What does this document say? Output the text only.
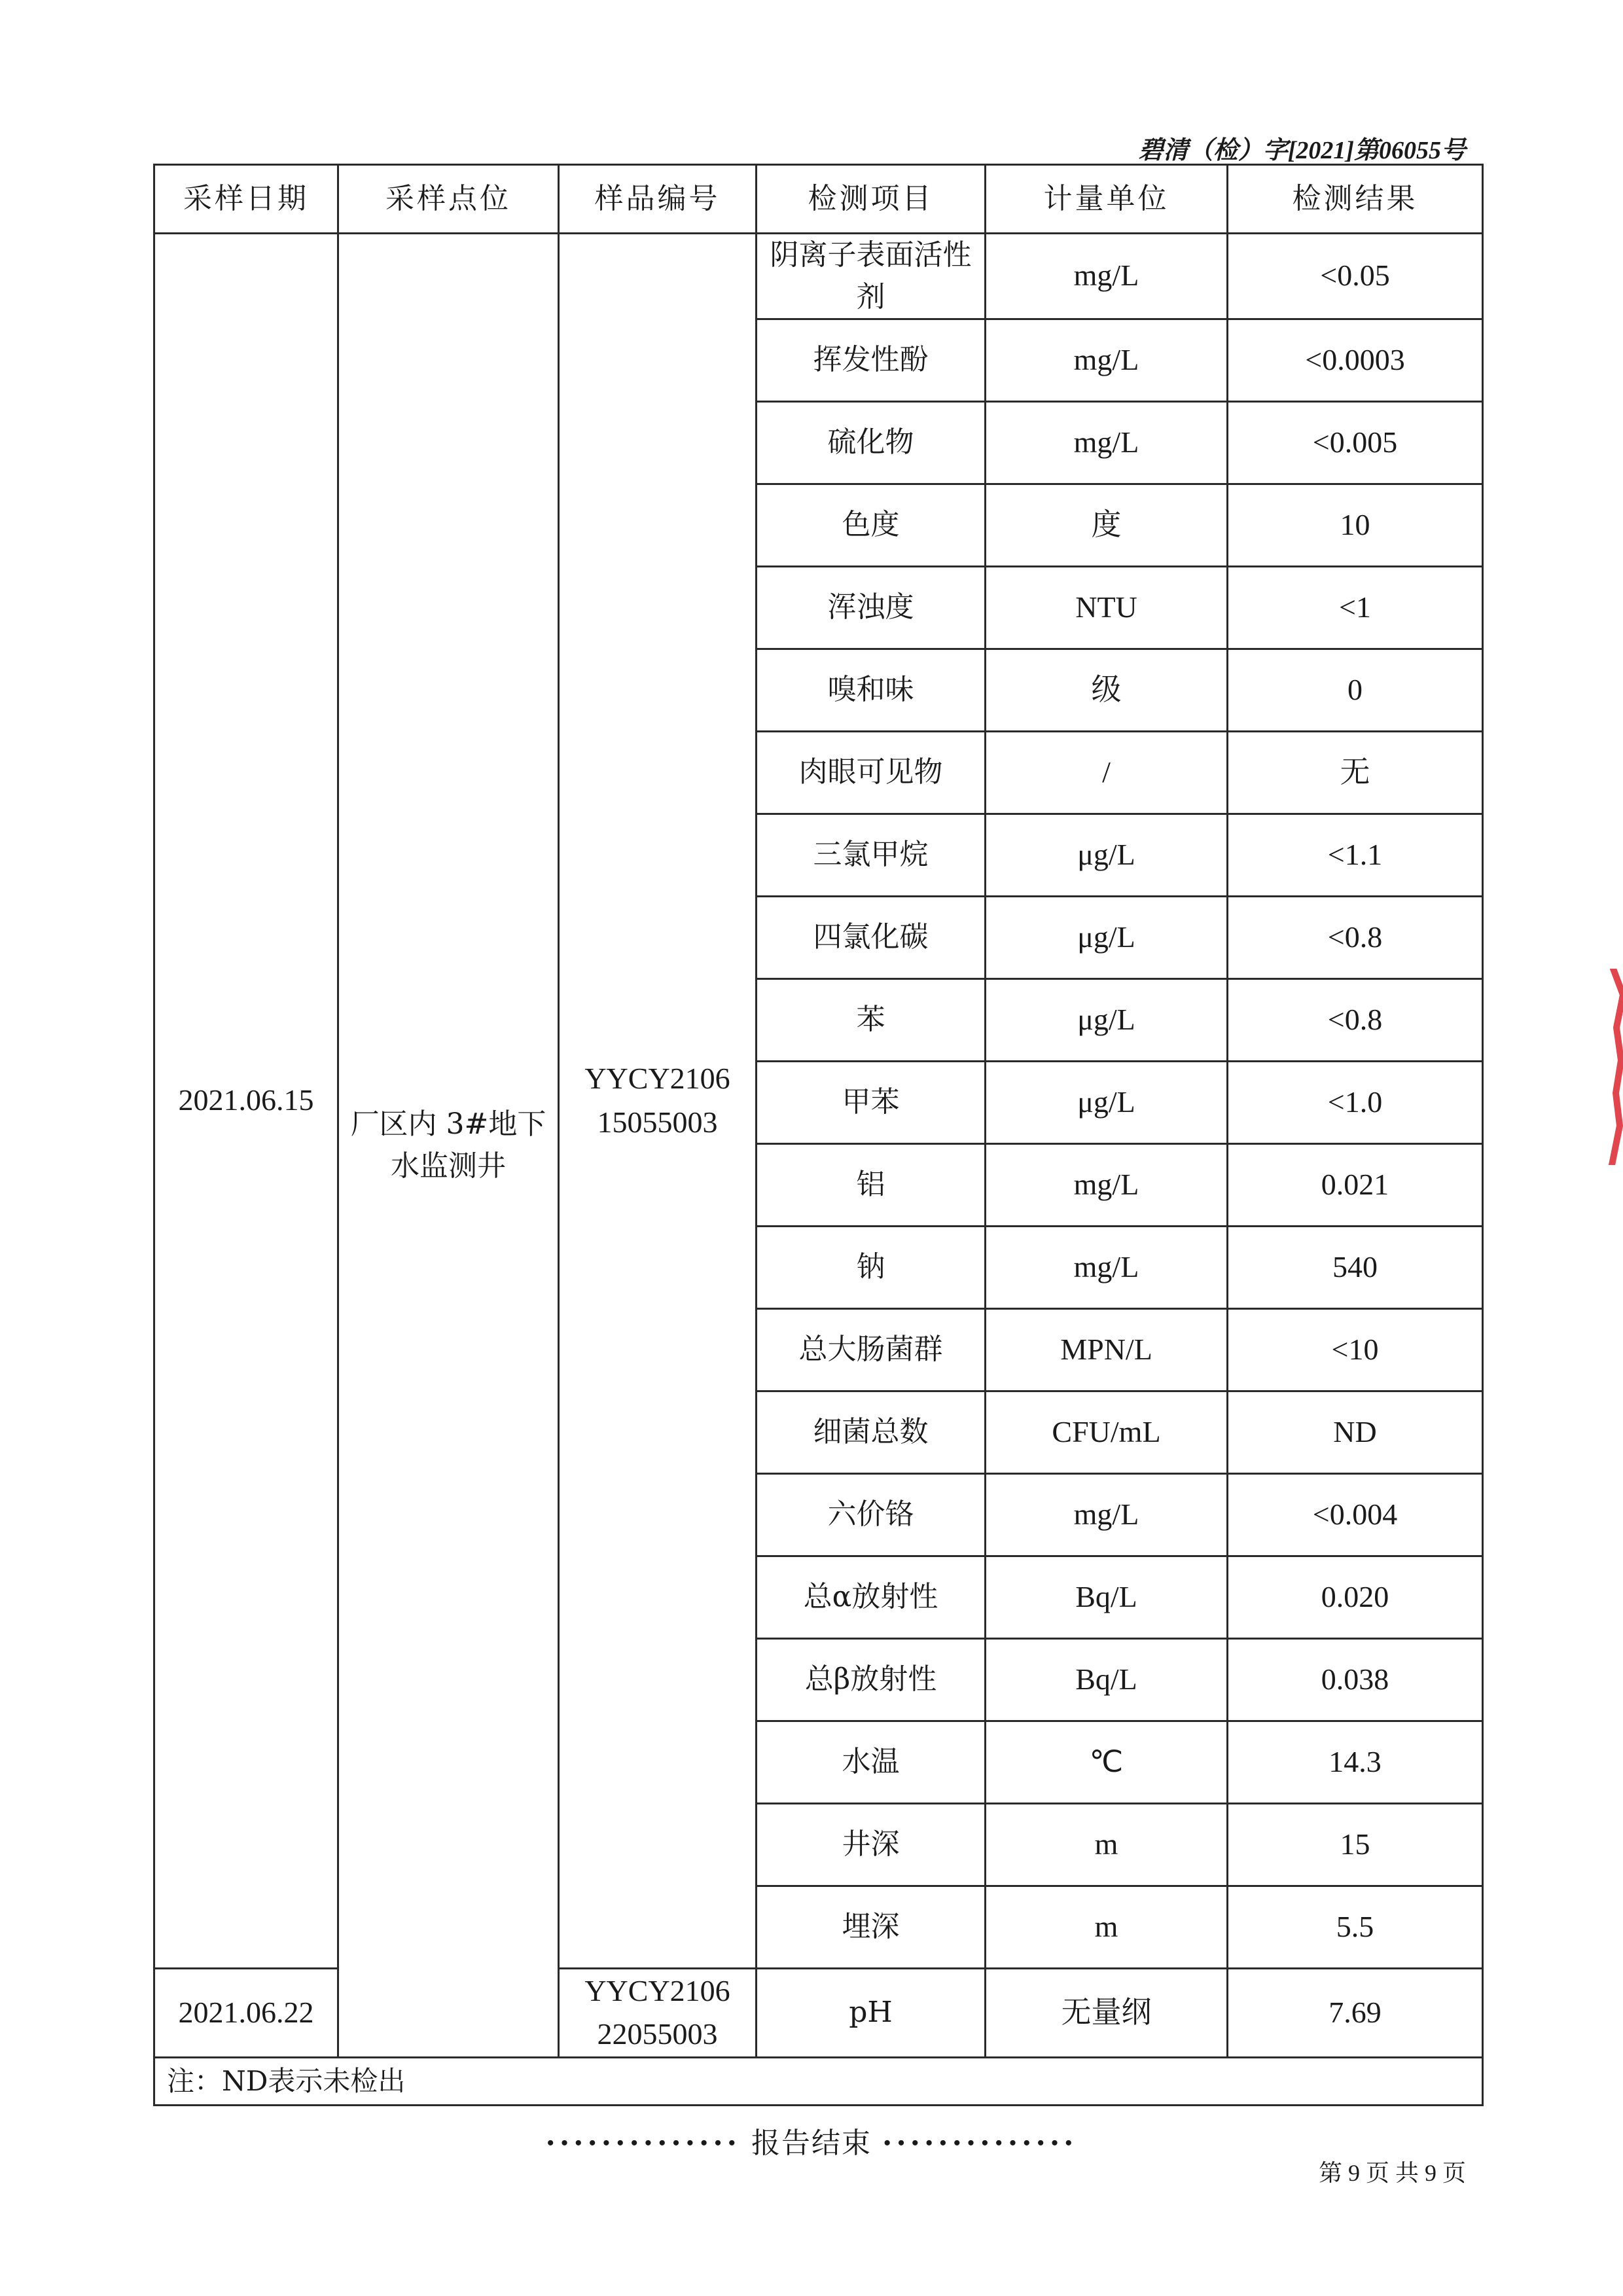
碧清（检）字[2021]第06055号
采样日期	采样点位	样品编号	检测项目	计量单位	检测结果
2021.06.15	厂区内 3#地下水监测井	YYCY2106 15055003	阴离子表面活性剂	mg/L	<0.05
			挥发性酚	mg/L	<0.0003
			硫化物	mg/L	<0.005
			色度	度	10
			浑浊度	NTU	<1
			嗅和味	级	0
			肉眼可见物	/	无
			三氯甲烷	μg/L	<1.1
			四氯化碳	μg/L	<0.8
			苯	μg/L	<0.8
			甲苯	μg/L	<1.0
			铝	mg/L	0.021
			钠	mg/L	540
			总大肠菌群	MPN/L	<10
			细菌总数	CFU/mL	ND
			六价铬	mg/L	<0.004
			总α放射性	Bq/L	0.020
			总β放射性	Bq/L	0.038
			水温	℃	14.3
			井深	m	15
			埋深	m	5.5
2021.06.22		YYCY2106 22055003	pH	无量纲	7.69
注：ND表示未检出					
·············· 报告结束 ··············
第 9 页 共 9 页
